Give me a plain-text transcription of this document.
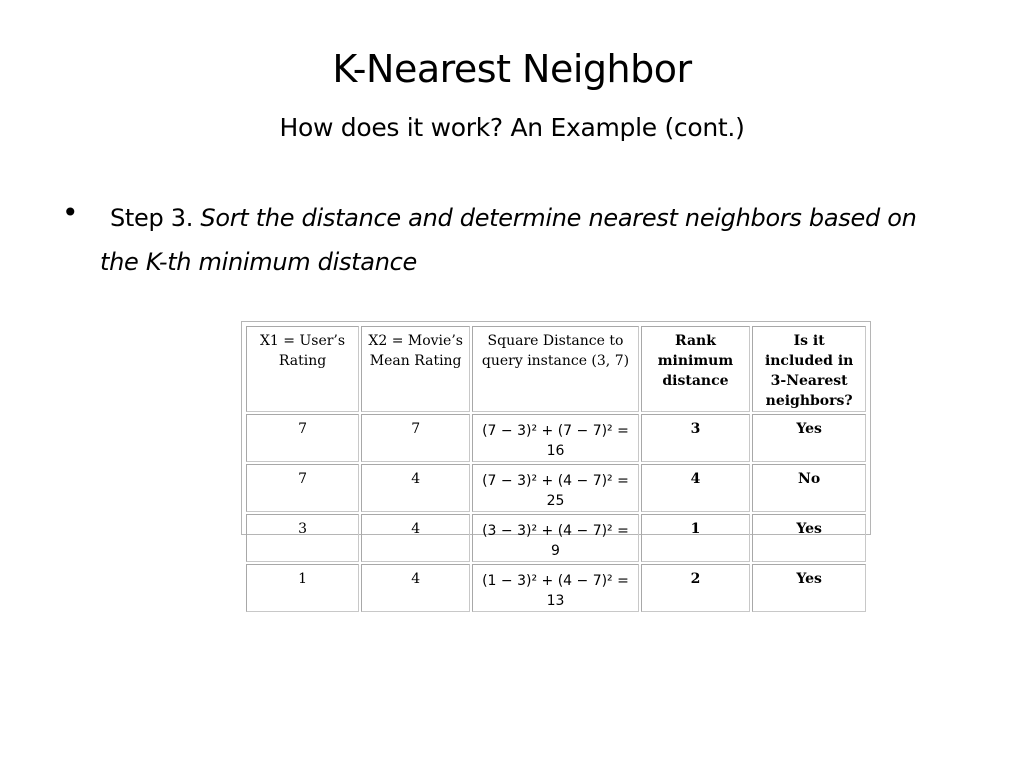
K-Nearest Neighbor
How does it work? An Example (cont.)
•	Step 3. Sort the distance and determine nearest neighbors based on the K-th minimum distance
X1 = User’s Rating	X2 = Movie’s Mean Rating	Square Distance to query instance (3, 7)	Rank minimum distance	Is it included in 3-Nearest neighbors?
7	7	(7 − 3)² + (7 − 7)² = 16	3	Yes
7	4	(7 − 3)² + (4 − 7)² = 25	4	No
3	4	(3 − 3)² + (4 − 7)² = 9	1	Yes
1	4	(1 − 3)² + (4 − 7)² = 13	2	Yes
